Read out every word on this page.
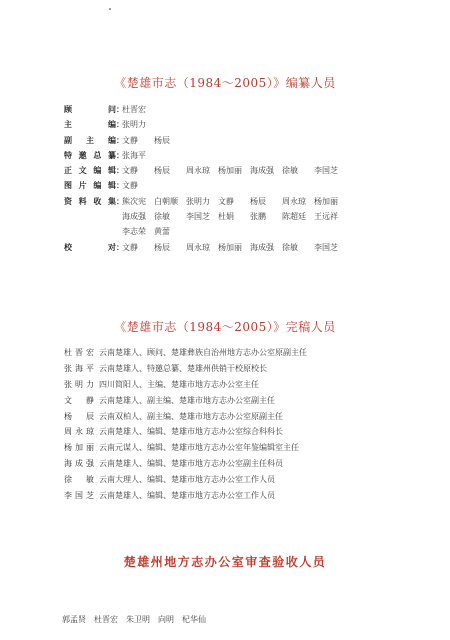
《楚雄市志（1984～2005）》编纂人员
顾问 ：
杜晋宏
主编 ：
张明力
副主编 ：
文静 杨辰
特邀总纂 ：
张海平
正文编辑 ：
文静 杨辰 周永琼 杨加丽 海成强 徐敏 李国芝
图片编辑 ：
文静
资料收集 ：
熊次宪 白朝顺 张明力 文静 杨辰 周永琼 杨加丽
海成强 徐敏 李国芝 杜娟 张鹏 陈超廷 王远祥
李志荣 黄蕾
校对 ：
文静 杨辰 周永琼 杨加丽 海成强 徐敏 李国芝
《楚雄市志（1984～2005）》完稿人员
杜晋宏 云南楚雄人、顾问、楚雄彝族自治州地方志办公室原副主任
张海平 云南楚雄人、特邀总纂、楚雄州供销干校原校长
张明力 四川简阳人、主编、楚雄市地方志办公室主任
文静 云南楚雄人、副主编、楚雄市地方志办公室副主任
杨辰 云南双柏人、副主编、楚雄市地方志办公室原副主任
周永琼 云南楚雄人、编辑、楚雄市地方志办公室综合科科长
杨加丽 云南元谋人、编辑、楚雄市地方志办公室年鉴编辑室主任
海成强 云南楚雄人、编辑、楚雄市地方志办公室副主任科员
徐敏 云南大理人、编辑、楚雄市地方志办公室工作人员
李国芝 云南楚雄人、编辑、楚雄市地方志办公室工作人员
楚雄州地方志办公室审查验收人员
郭孟贤 杜晋宏 朱卫明 向明 杞华仙
